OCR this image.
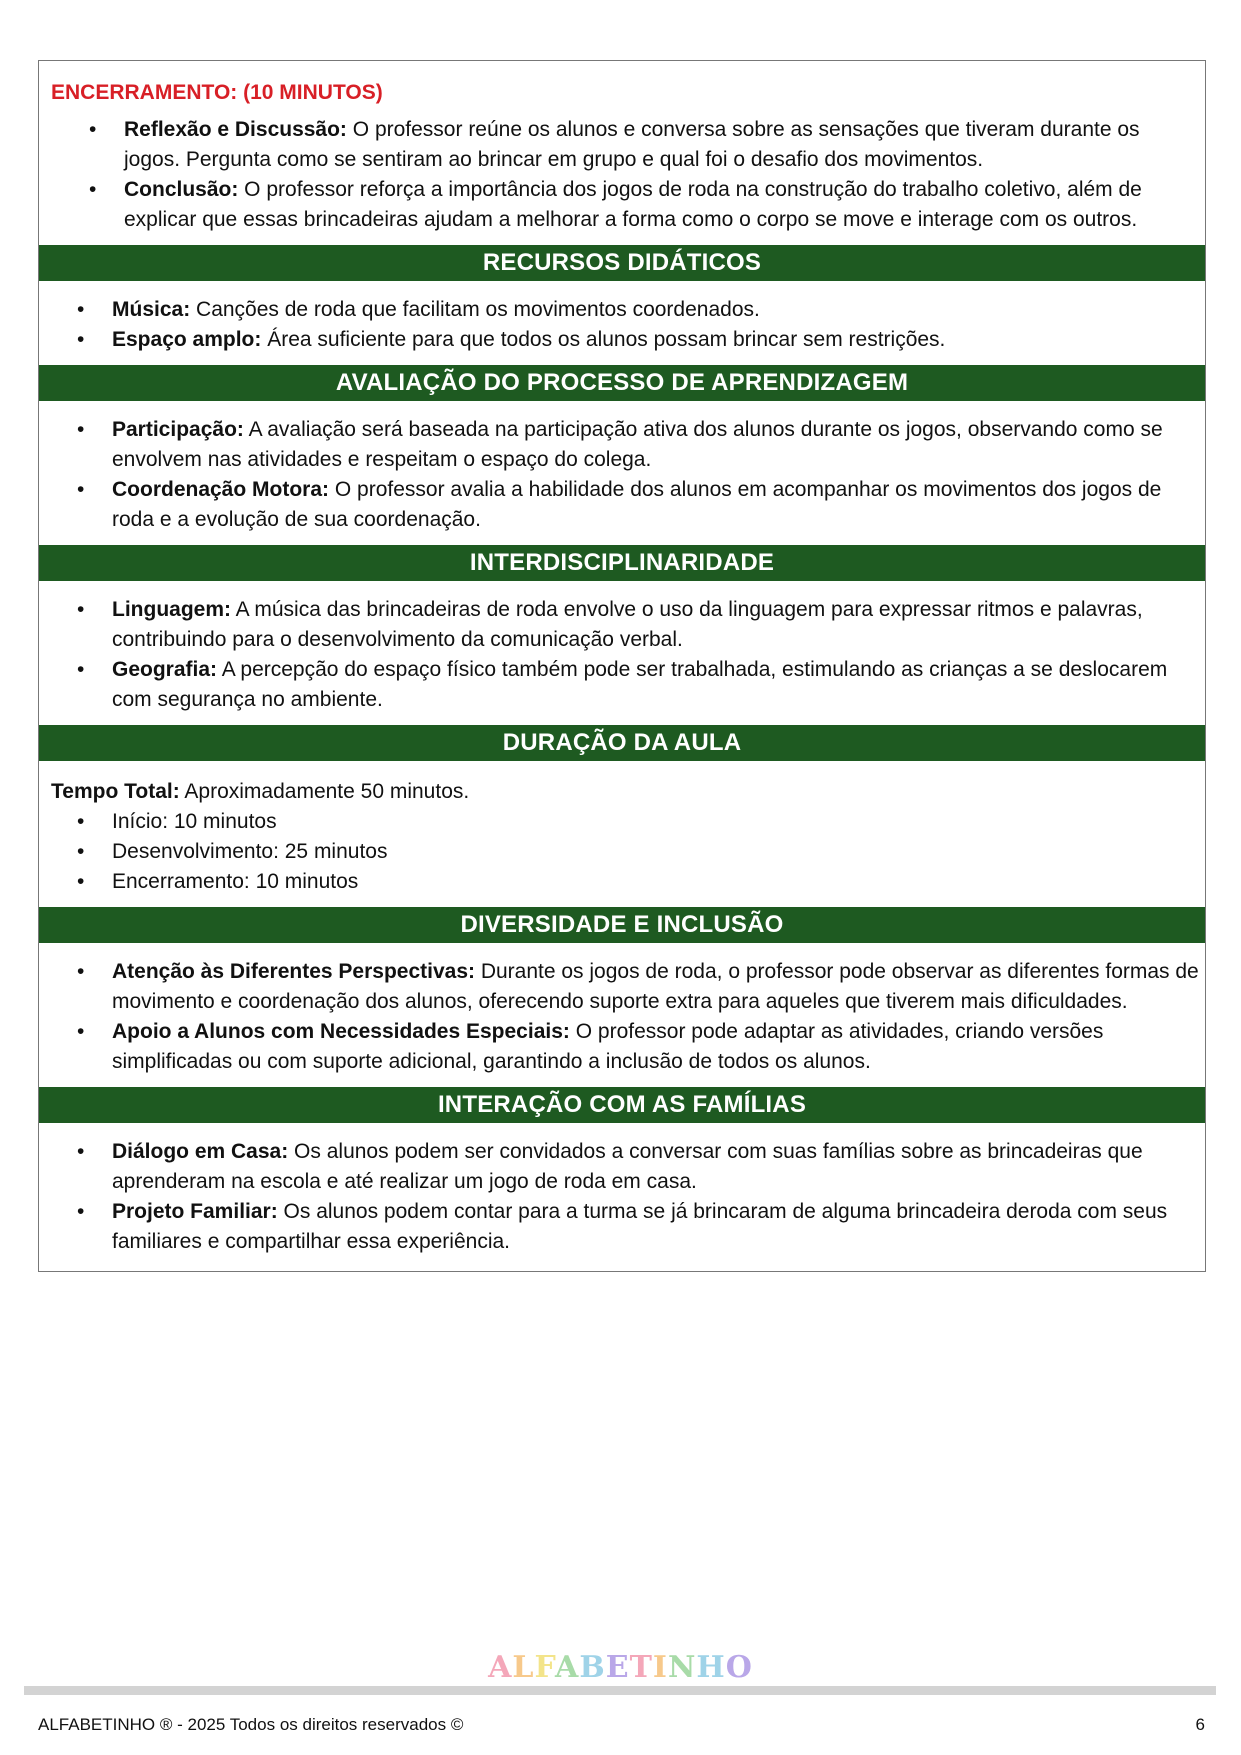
ENCERRAMENTO: (10 MINUTOS)
• Reflexão e Discussão: O professor reúne os alunos e conversa sobre as sensações que tiveram durante os jogos. Pergunta como se sentiram ao brincar em grupo e qual foi o desafio dos movimentos.
• Conclusão: O professor reforça a importância dos jogos de roda na construção do trabalho coletivo, além de explicar que essas brincadeiras ajudam a melhorar a forma como o corpo se move e interage com os outros.
RECURSOS DIDÁTICOS
• Música: Canções de roda que facilitam os movimentos coordenados.
• Espaço amplo: Área suficiente para que todos os alunos possam brincar sem restrições.
AVALIAÇÃO DO PROCESSO DE APRENDIZAGEM
• Participação: A avaliação será baseada na participação ativa dos alunos durante os jogos, observando como se envolvem nas atividades e respeitam o espaço do colega.
• Coordenação Motora: O professor avalia a habilidade dos alunos em acompanhar os movimentos dos jogos de roda e a evolução de sua coordenação.
INTERDISCIPLINARIDADE
• Linguagem: A música das brincadeiras de roda envolve o uso da linguagem para expressar ritmos e palavras, contribuindo para o desenvolvimento da comunicação verbal.
• Geografia: A percepção do espaço físico também pode ser trabalhada, estimulando as crianças a se deslocarem com segurança no ambiente.
DURAÇÃO DA AULA
Tempo Total: Aproximadamente 50 minutos.
• Início: 10 minutos
• Desenvolvimento: 25 minutos
• Encerramento: 10 minutos
DIVERSIDADE E INCLUSÃO
• Atenção às Diferentes Perspectivas: Durante os jogos de roda, o professor pode observar as diferentes formas de movimento e coordenação dos alunos, oferecendo suporte extra para aqueles que tiverem mais dificuldades.
• Apoio a Alunos com Necessidades Especiais: O professor pode adaptar as atividades, criando versões simplificadas ou com suporte adicional, garantindo a inclusão de todos os alunos.
INTERAÇÃO COM AS FAMÍLIAS
• Diálogo em Casa: Os alunos podem ser convidados a conversar com suas famílias sobre as brincadeiras que aprenderam na escola e até realizar um jogo de roda em casa.
• Projeto Familiar: Os alunos podem contar para a turma se já brincaram de alguma brincadeira deroda com seus familiares e compartilhar essa experiência.
ALFABETINHO
ALFABETINHO ® - 2025 Todos os direitos reservados ©	6
